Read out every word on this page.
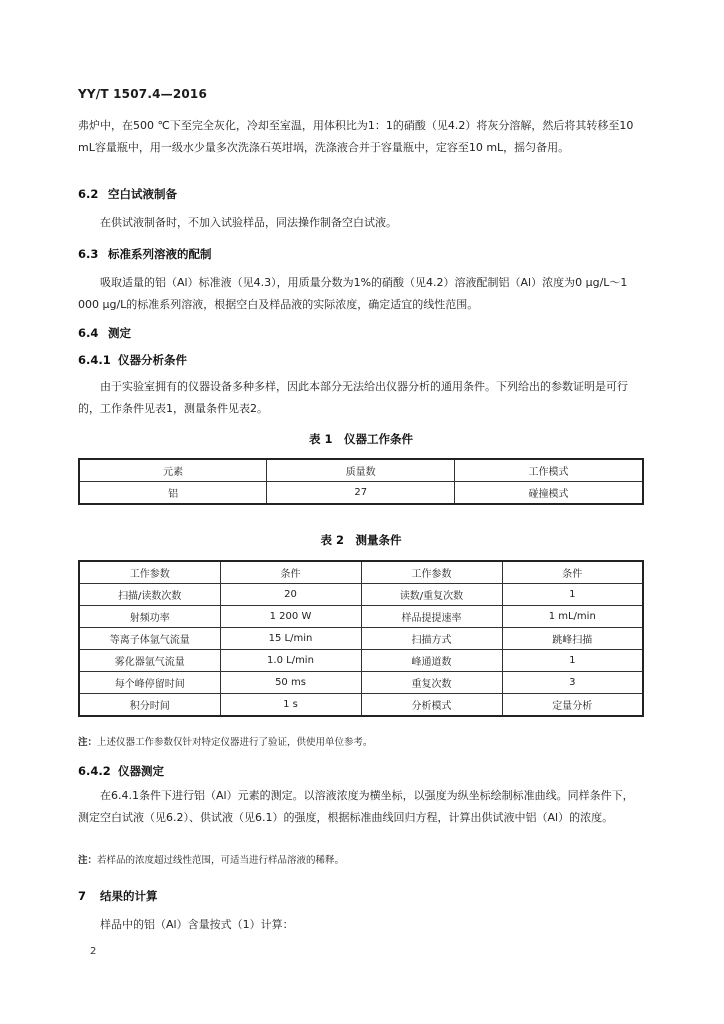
YY/T 1507.4—2016
弗炉中，在500 ℃下至完全灰化，冷却至室温，用体积比为1：1的硝酸（见4.2）将灰分溶解，然后将其转移至10 mL容量瓶中，用一级水少量多次洗涤石英坩埚，洗涤液合并于容量瓶中，定容至10 mL，摇匀备用。
6.2 空白试液制备
在供试液制备时，不加入试验样品，同法操作制备空白试液。
6.3 标准系列溶液的配制
吸取适量的铝（Al）标准液（见4.3），用质量分数为1%的硝酸（见4.2）溶液配制铝（Al）浓度为0 μg/L～1 000 μg/L的标准系列溶液，根据空白及样品液的实际浓度，确定适宜的线性范围。
6.4 测定
6.4.1 仪器分析条件
由于实验室拥有的仪器设备多种多样，因此本部分无法给出仪器分析的通用条件。下列给出的参数证明是可行的，工作条件见表1，测量条件见表2。
表 1　仪器工作条件
元素	质量数	工作模式
铝	27	碰撞模式
表 2　测量条件
工作参数	条件	工作参数	条件
扫描/读数次数	20	读数/重复次数	1
射频功率	1 200 W	样品提提速率	1 mL/min
等离子体氩气流量	15 L/min	扫描方式	跳峰扫描
雾化器氩气流量	1.0 L/min	峰通道数	1
每个峰停留时间	50 ms	重复次数	3
积分时间	1 s	分析模式	定量分析
注：上述仪器工作参数仅针对特定仪器进行了验证，供使用单位参考。
6.4.2 仪器测定
在6.4.1条件下进行铝（Al）元素的测定。以溶液浓度为横坐标，以强度为纵坐标绘制标准曲线。同样条件下，测定空白试液（见6.2）、供试液（见6.1）的强度，根据标准曲线回归方程，计算出供试液中铝（Al）的浓度。
注：若样品的浓度超过线性范围，可适当进行样品溶液的稀释。
7 结果的计算
样品中的铝（Al）含量按式（1）计算：
2
